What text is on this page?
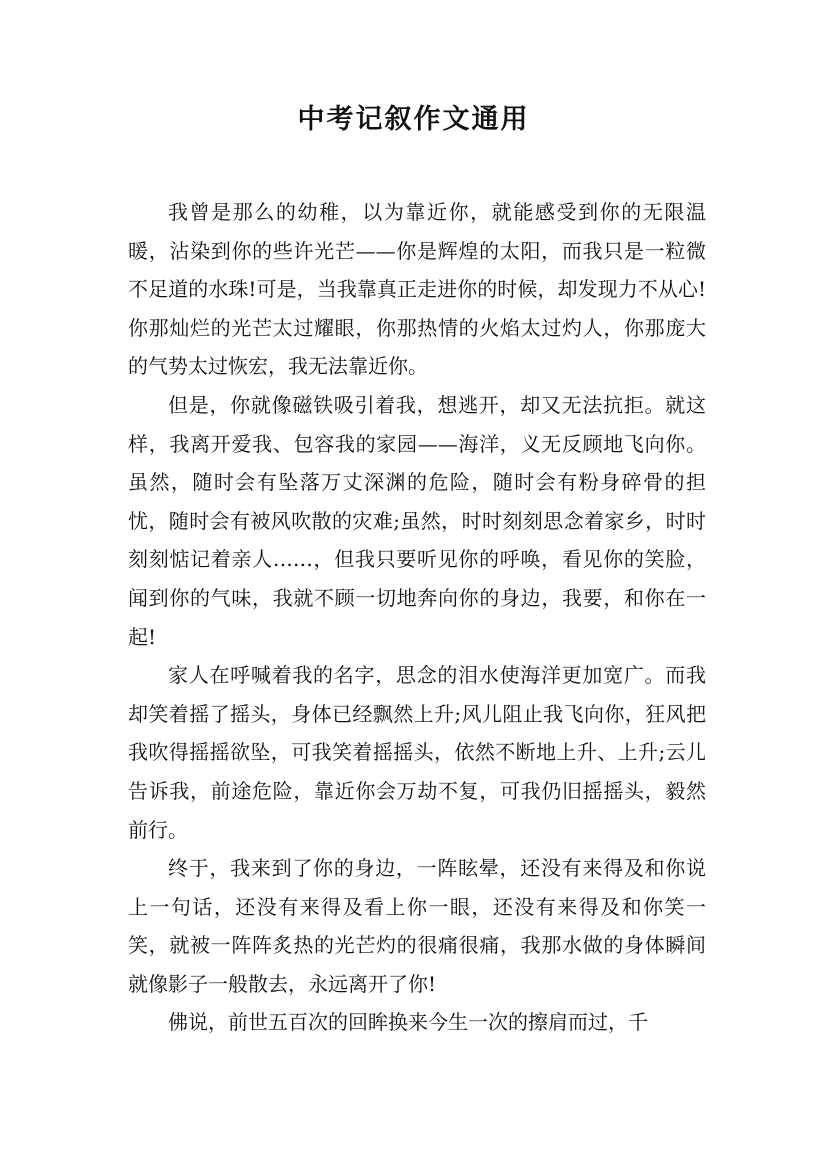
中考记叙作文通用

我曾是那么的幼稚，以为靠近你，就能感受到你的无限温暖，沾染到你的些许光芒——你是辉煌的太阳，而我只是一粒微不足道的水珠!可是，当我靠真正走进你的时候，却发现力不从心!你那灿烂的光芒太过耀眼，你那热情的火焰太过灼人，你那庞大的气势太过恢宏，我无法靠近你。

但是，你就像磁铁吸引着我，想逃开，却又无法抗拒。就这样，我离开爱我、包容我的家园——海洋，义无反顾地飞向你。虽然，随时会有坠落万丈深渊的危险，随时会有粉身碎骨的担忧，随时会有被风吹散的灾难;虽然，时时刻刻思念着家乡，时时刻刻惦记着亲人……，但我只要听见你的呼唤，看见你的笑脸，闻到你的气味，我就不顾一切地奔向你的身边，我要，和你在一起!

家人在呼喊着我的名字，思念的泪水使海洋更加宽广。而我却笑着摇了摇头，身体已经飘然上升;风儿阻止我飞向你，狂风把我吹得摇摇欲坠，可我笑着摇摇头，依然不断地上升、上升;云儿告诉我，前途危险，靠近你会万劫不复，可我仍旧摇摇头，毅然前行。

终于，我来到了你的身边，一阵眩晕，还没有来得及和你说上一句话，还没有来得及看上你一眼，还没有来得及和你笑一笑，就被一阵阵炙热的光芒灼的很痛很痛，我那水做的身体瞬间就像影子一般散去，永远离开了你!

佛说，前世五百次的回眸换来今生一次的擦肩而过，千
